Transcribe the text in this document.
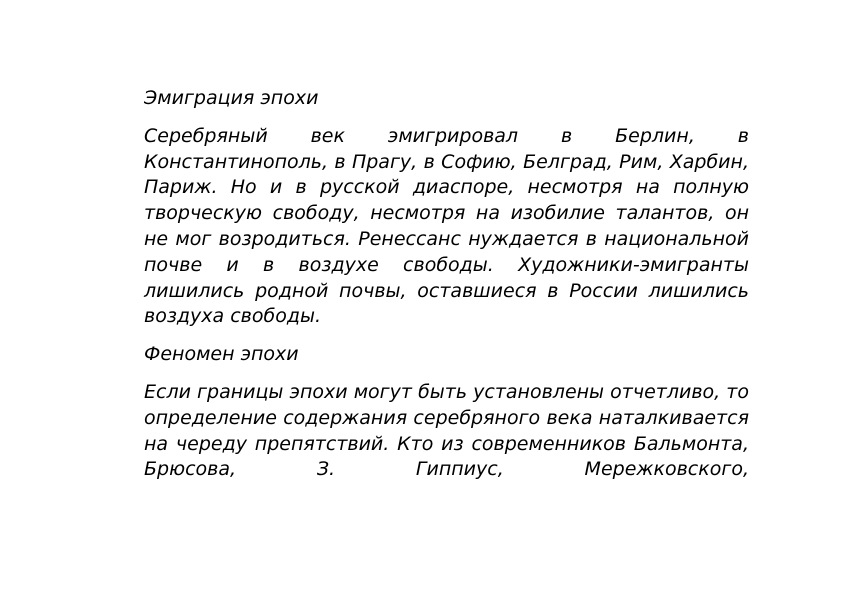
Эмиграция эпохи

Серебряный век эмигрировал в Берлин, в Константинополь, в Прагу, в Софию, Белград, Рим, Харбин, Париж. Но и в русской диаспоре, несмотря на полную творческую свободу, несмотря на изобилие талантов, он не мог возродиться. Ренессанс нуждается в национальной почве и в воздухе свободы. Художники-эмигранты лишились родной почвы, оставшиеся в России лишились воздуха свободы.

Феномен эпохи

Если границы эпохи могут быть установлены отчетливо, то определение содержания серебряного века наталкивается на череду препятствий. Кто из современников Бальмонта, Брюсова, З. Гиппиус, Мережковского,
